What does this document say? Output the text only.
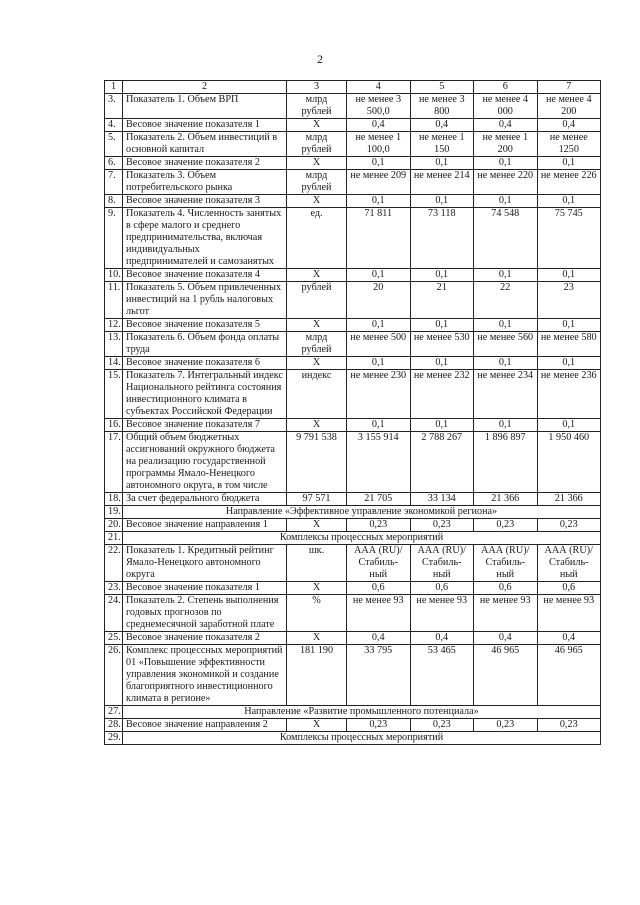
2
1	2	3	4	5	6	7
3.	Показатель 1. Объем ВРП	млрд рублей	не менее 3 500,0	не менее 3 800	не менее 4 000	не менее 4 200
4.	Весовое значение показателя 1	Х	0,4	0,4	0,4	0,4
5.	Показатель 2. Объем инвестиций в основной капитал	млрд рублей	не менее 1 100,0	не менее 1 150	не менее 1 200	не менее 1250
6.	Весовое значение показателя 2	Х	0,1	0,1	0,1	0,1
7.	Показатель 3. Объем потребительского рынка	млрд рублей	не менее 209	не менее 214	не менее 220	не менее 226
8.	Весовое значение показателя 3	Х	0,1	0,1	0,1	0,1
9.	Показатель 4. Численность занятых в сфере малого и среднего предпринимательства, включая индивидуальных предпринимателей и самозанятых	ед.	71 811	73 118	74 548	75 745
10.	Весовое значение показателя 4	Х	0,1	0,1	0,1	0,1
11.	Показатель 5. Объем привлеченных инвестиций на 1 рубль налоговых льгот	рублей	20	21	22	23
12.	Весовое значение показателя 5	Х	0,1	0,1	0,1	0,1
13.	Показатель 6. Объем фонда оплаты труда	млрд рублей	не менее 500	не менее 530	не менее 560	не менее 580
14.	Весовое значение показателя 6	Х	0,1	0,1	0,1	0,1
15.	Показатель 7. Интегральный индекс Национального рейтинга состояния инвестиционного климата в субъектах Российской Федерации	индекс	не менее 230	не менее 232	не менее 234	не менее 236
16.	Весовое значение показателя 7	Х	0,1	0,1	0,1	0,1
17.	Общий объем бюджетных ассигнований окружного бюджета на реализацию государственной программы Ямало-Ненецкого автономного округа, в том числе	9 791 538	3 155 914	2 788 267	1 896 897	1 950 460
18.	За счет федерального бюджета	97 571	21 705	33 134	21 366	21 366
19.	Направление «Эффективное управление экономикой региона»					
20.	Весовое значение направления 1	Х	0,23	0,23	0,23	0,23
21.	Комплексы процессных мероприятий					
22.	Показатель 1. Кредитный рейтинг Ямало-Ненецкого автономного округа	шк.	ААА (RU)/ Стабиль-ный	ААА (RU)/ Стабиль-ный	ААА (RU)/ Стабиль-ный	ААА (RU)/ Стабиль-ный
23.	Весовое значение показателя 1	Х	0,6	0,6	0,6	0,6
24.	Показатель 2. Степень выполнения годовых прогнозов по среднемесячной заработной плате	%	не менее 93	не менее 93	не менее 93	не менее 93
25.	Весовое значение показателя 2	Х	0,4	0,4	0,4	0,4
26.	Комплекс процессных мероприятий 01 «Повышение эффективности управления экономикой и создание благоприятного инвестиционного климата в регионе»	181 190	33 795	53 465	46 965	46 965
27.	Направление «Развитие промышленного потенциала»					
28.	Весовое значение направления 2	Х	0,23	0,23	0,23	0,23
29.	Комплексы процессных мероприятий					
